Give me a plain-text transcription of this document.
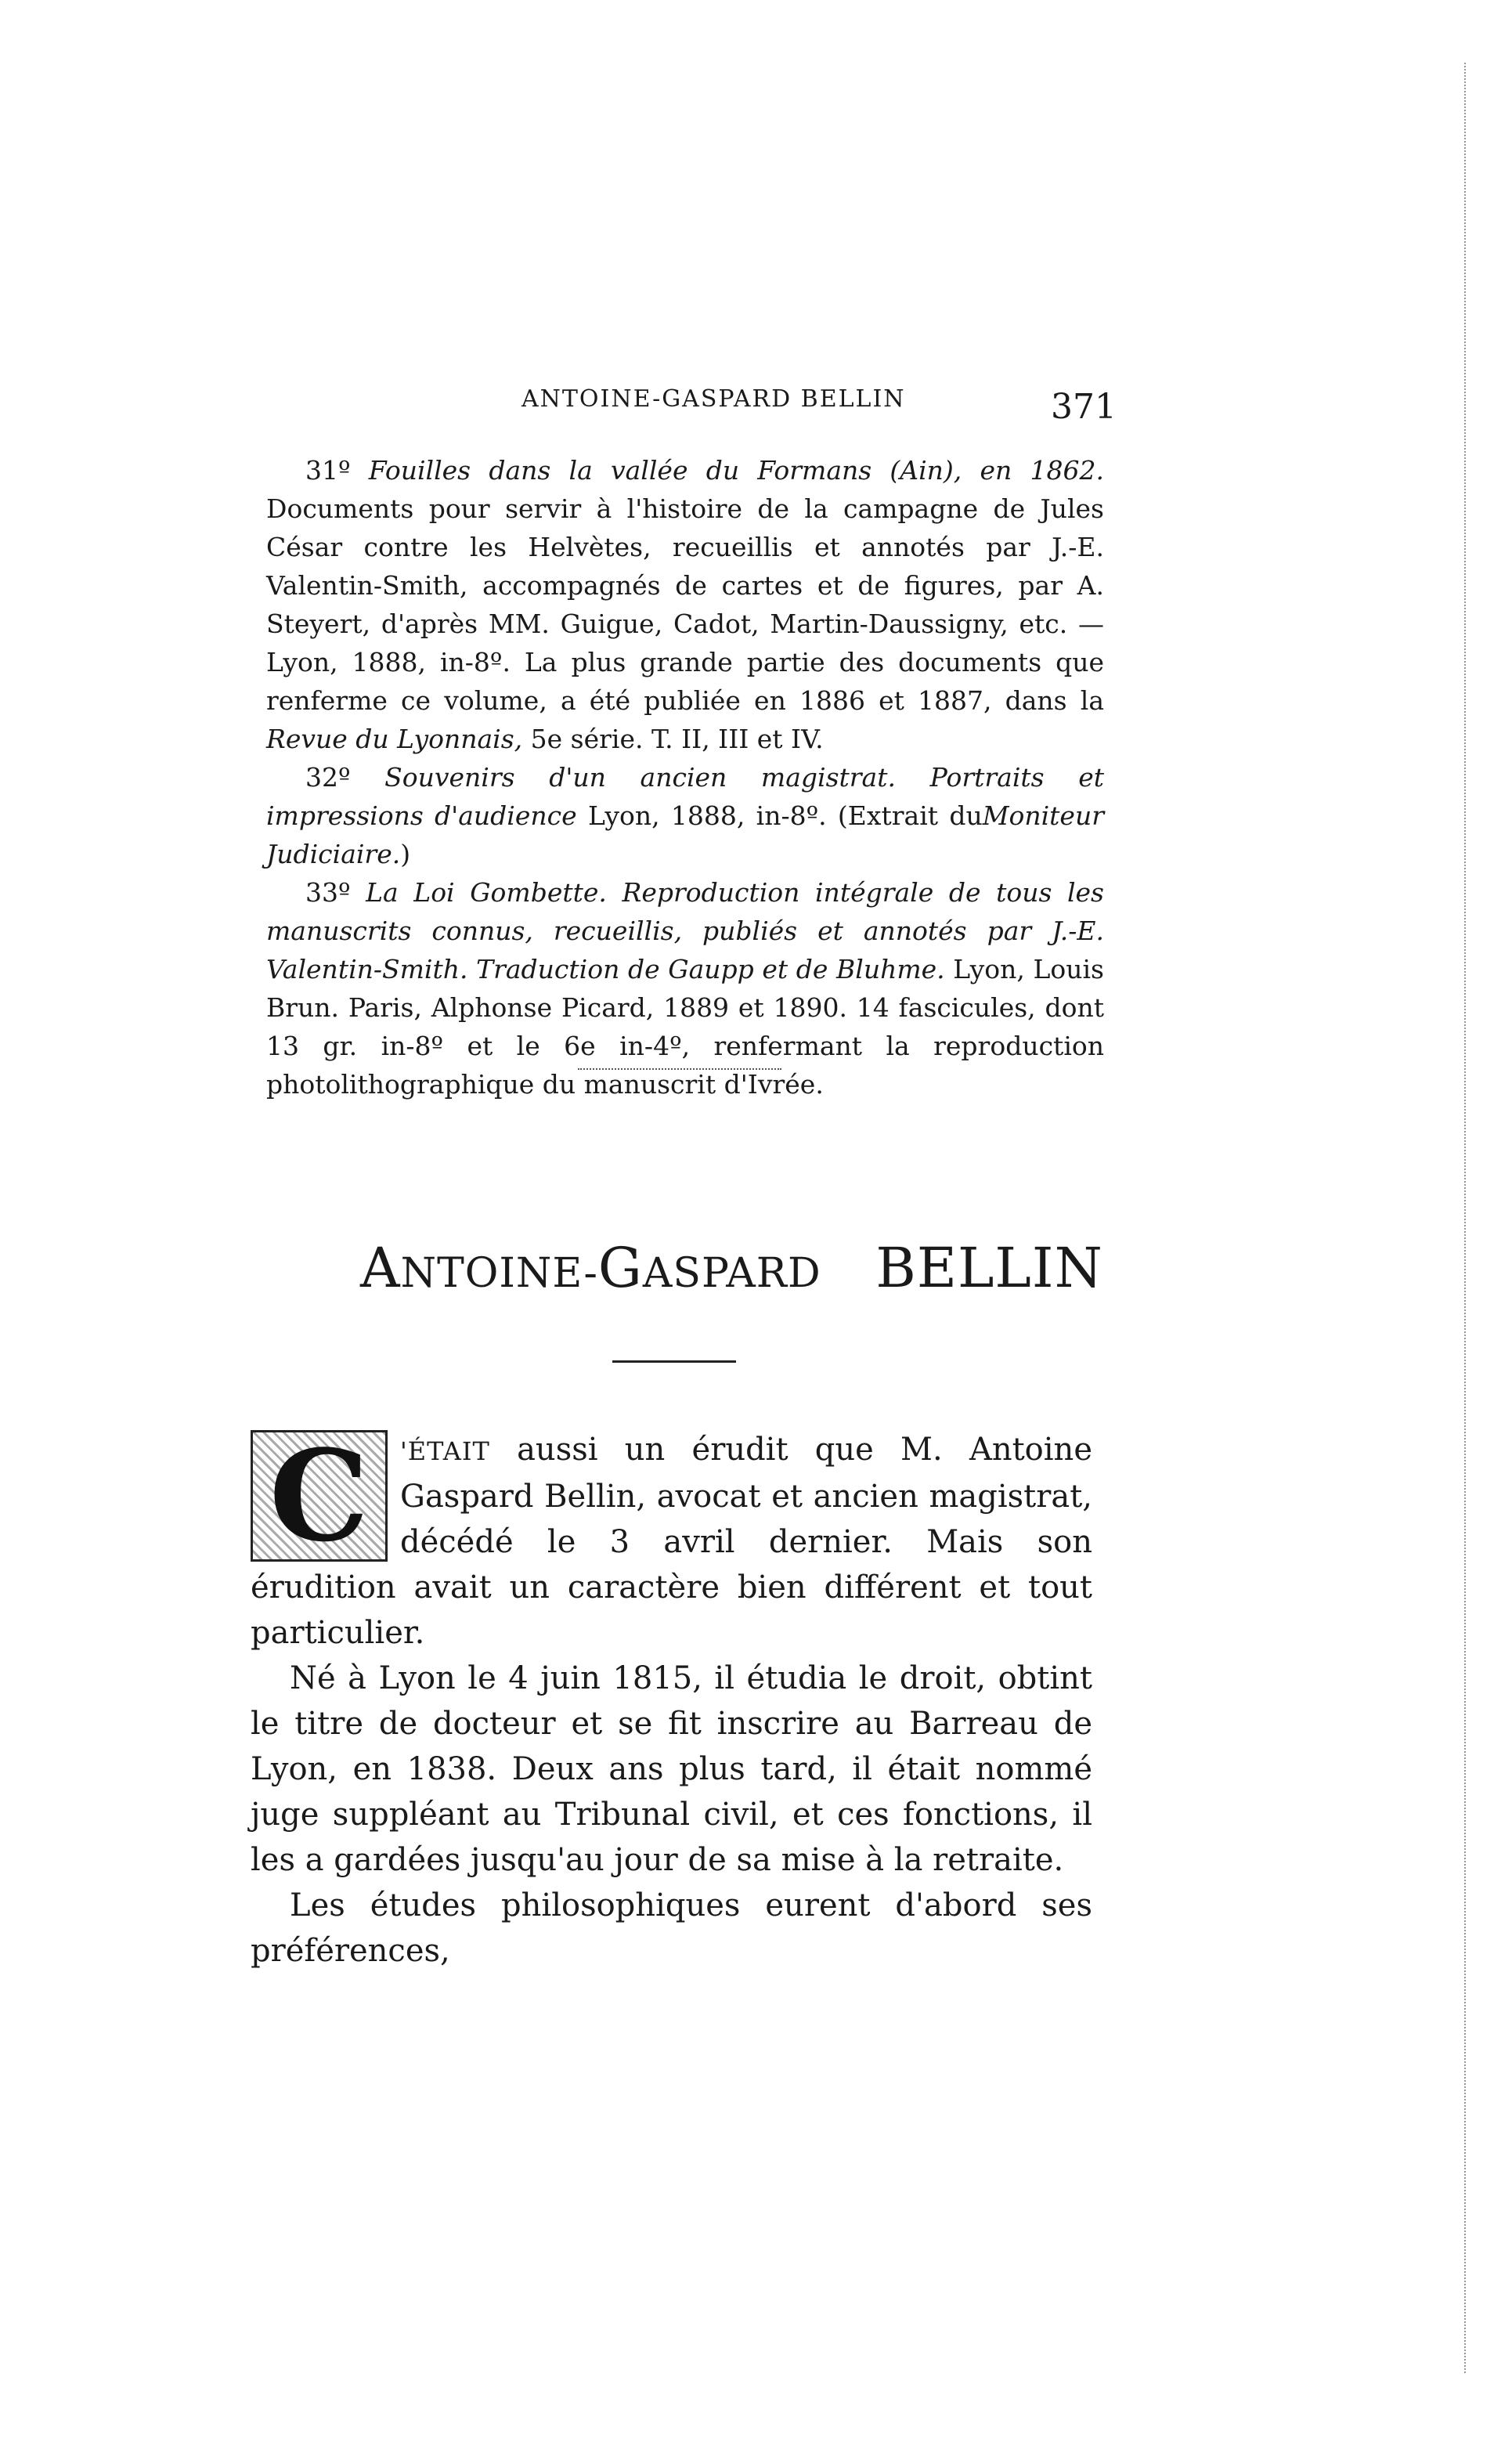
ANTOINE-GASPARD BELLIN	371

31º Fouilles dans la vallée du Formans (Ain), en 1862. Documents pour servir à l'histoire de la campagne de Jules César contre les Helvètes, recueillis et annotés par J.-E. Valentin-Smith, accompagnés de cartes et de figures, par A. Steyert, d'après MM. Guigue, Cadot, Martin-Daussigny, etc. — Lyon, 1888, in-8º. La plus grande partie des documents que renferme ce volume, a été publiée en 1886 et 1887, dans la Revue du Lyonnais, 5e série. T. II, III et IV.

32º Souvenirs d'un ancien magistrat. Portraits et impressions d'audience Lyon, 1888, in-8º. (Extrait duMoniteur Judiciaire.)

33º La Loi Gombette. Reproduction intégrale de tous les manuscrits connus, recueillis, publiés et annotés par J.-E. Valentin-Smith. Traduction de Gaupp et de Bluhme. Lyon, Louis Brun. Paris, Alphonse Picard, 1889 et 1890. 14 fascicules, dont 13 gr. in-8º et le 6e in-4º, renfermant la reproduction photolithographique du manuscrit d'Ivrée.

ANTOINE-GASPARD BELLIN
C	'ÉTAIT aussi un érudit que M. Antoine Gaspard Bellin, avocat et ancien magistrat, décédé le 3 avril dernier. Mais son érudition avait un caractère bien différent et tout particulier.

Né à Lyon le 4 juin 1815, il étudia le droit, obtint le titre de docteur et se fit inscrire au Barreau de Lyon, en 1838. Deux ans plus tard, il était nommé juge suppléant au Tribunal civil, et ces fonctions, il les a gardées jusqu'au jour de sa mise à la retraite.

Les études philosophiques eurent d'abord ses préférences,
